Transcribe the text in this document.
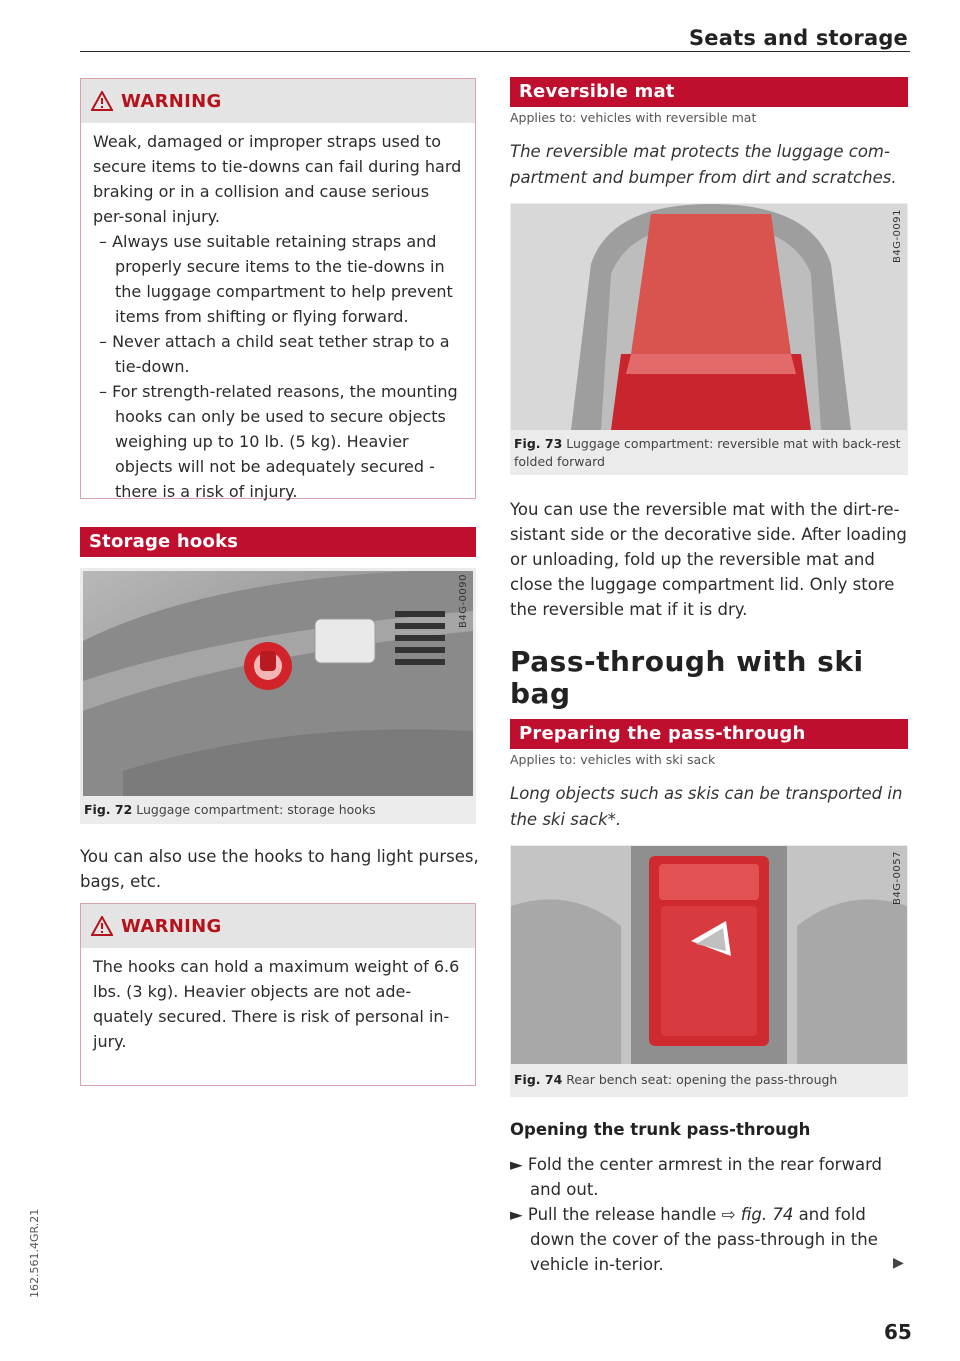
Seats and storage
162.561.4GR.21
WARNING

Weak, damaged or improper straps used to secure items to tie-downs can fail during hard braking or in a collision and cause serious per-sonal injury.

– Always use suitable retaining straps and properly secure items to the tie-downs in the luggage compartment to help prevent items from shifting or flying forward.

– Never attach a child seat tether strap to a tie-down.

– For strength-related reasons, the mounting hooks can only be used to secure objects weighing up to 10 lb. (5 kg). Heavier objects will not be adequately secured - there is a risk of injury.

Storage hooks
B4G-0090
Fig. 72 Luggage compartment: storage hooks
You can also use the hooks to hang light purses, bags, etc.
WARNING

The hooks can hold a maximum weight of 6.6 lbs. (3 kg). Heavier objects are not ade-quately secured. There is risk of personal in-jury.

Reversible mat
Applies to: vehicles with reversible mat
The reversible mat protects the luggage com-partment and bumper from dirt and scratches.
B4G-0091
Fig. 73 Luggage compartment: reversible mat with back-rest folded forward
You can use the reversible mat with the dirt-re-sistant side or the decorative side. After loading or unloading, fold up the reversible mat and close the luggage compartment lid. Only store the reversible mat if it is dry.
Pass-through with ski bag
Preparing the pass-through
Applies to: vehicles with ski sack
Long objects such as skis can be transported in the ski sack*.
B4G-0057
Fig. 74 Rear bench seat: opening the pass-through
Opening the trunk pass-through
► Fold the center armrest in the rear forward and out.
► Pull the release handle ⇨ fig. 74 and fold down the cover of the pass-through in the vehicle in-terior.	▶
65
